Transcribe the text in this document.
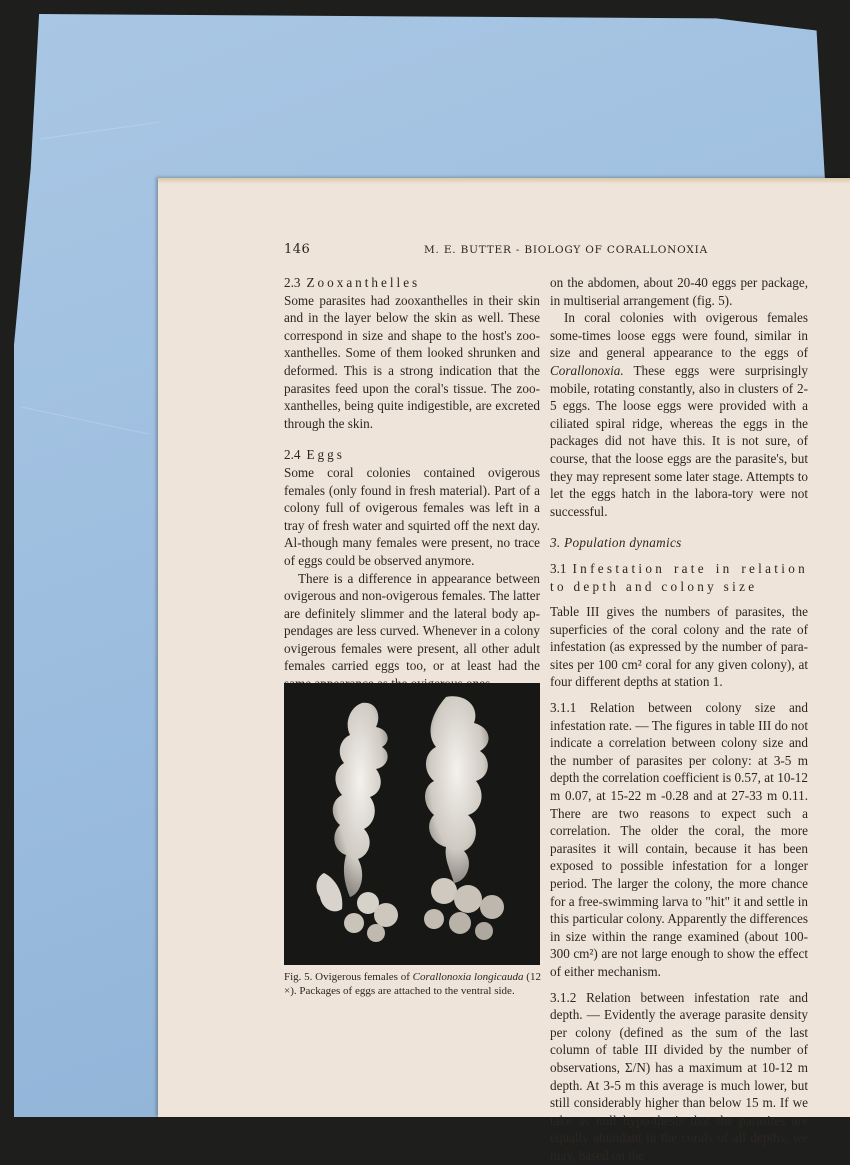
146	M. E. BUTTER - BIOLOGY OF CORALLONOXIA

2.3 Zooxanthelles

Some parasites had zooxanthelles in their skin and in the layer below the skin as well. These correspond in size and shape to the host's zoo-xanthelles. Some of them looked shrunken and deformed. This is a strong indication that the parasites feed upon the coral's tissue. The zoo-xanthelles, being quite indigestible, are excreted through the skin.

2.4 Eggs

Some coral colonies contained ovigerous females (only found in fresh material). Part of a colony full of ovigerous females was left in a tray of fresh water and squirted off the next day. Al-though many females were present, no trace of eggs could be observed anymore.

There is a difference in appearance between ovigerous and non-ovigerous females. The latter are definitely slimmer and the lateral body ap-pendages are less curved. Whenever in a colony ovigerous females were present, all other adult females carried eggs too, or at least had the

Fig. 5. Ovigerous females of Corallonoxia longicauda (12 ×). Packages of eggs are attached to the ventral side.

on the abdomen, about 20-40 eggs per package, in multiserial arrangement (fig. 5).

In coral colonies with ovigerous females some-times loose eggs were found, similar in size and general appearance to the eggs of Corallonoxia. These eggs were surprisingly mobile, rotating constantly, also in clusters of 2-5 eggs. The loose eggs were provided with a ciliated spiral ridge, whereas the eggs in the packages did not have this. It is not sure, of course, that the loose eggs are the parasite's, but they may represent some later stage. Attempts to let the eggs hatch in the labora-tory were not successful.

3. Population dynamics

3.1 Infestation rate in relation to depth and colony size

Table III gives the numbers of parasites, the superficies of the coral colony and the rate of infestation (as expressed by the number of para-sites per 100 cm² coral for any given colony), at four different depths at station 1.

3.1.1 Relation between colony size and infestation rate. — The figures in table III do not indicate a correlation between colony size and the number of parasites per colony: at 3-5 m depth the correlation coefficient is 0.57, at 10-12 m 0.07, at 15-22 m -0.28 and at 27-33 m 0.11. There are two reasons to expect such a correlation. The older the coral, the more parasites it will contain, because it has been exposed to possible infestation for a longer period. The larger the colony, the more chance for a free-swimming larva to "hit" it and settle in this particular colony. Apparently the differences in size within the range examined (about 100-300 cm²) are not large enough to show the effect of either mechanism.

3.1.2 Relation between infestation rate and depth. — Evidently the average parasite density per colony (defined as the sum of the last column of table III divided by the number of observations, Σ/N) has a maximum at 10-12 m depth. At 3-5 m this average is much lower, but still considerably higher than below 15 m. If we take as null hypo-thesis that the parasites are equally abundant in the corals of all depths, we may, based on the
